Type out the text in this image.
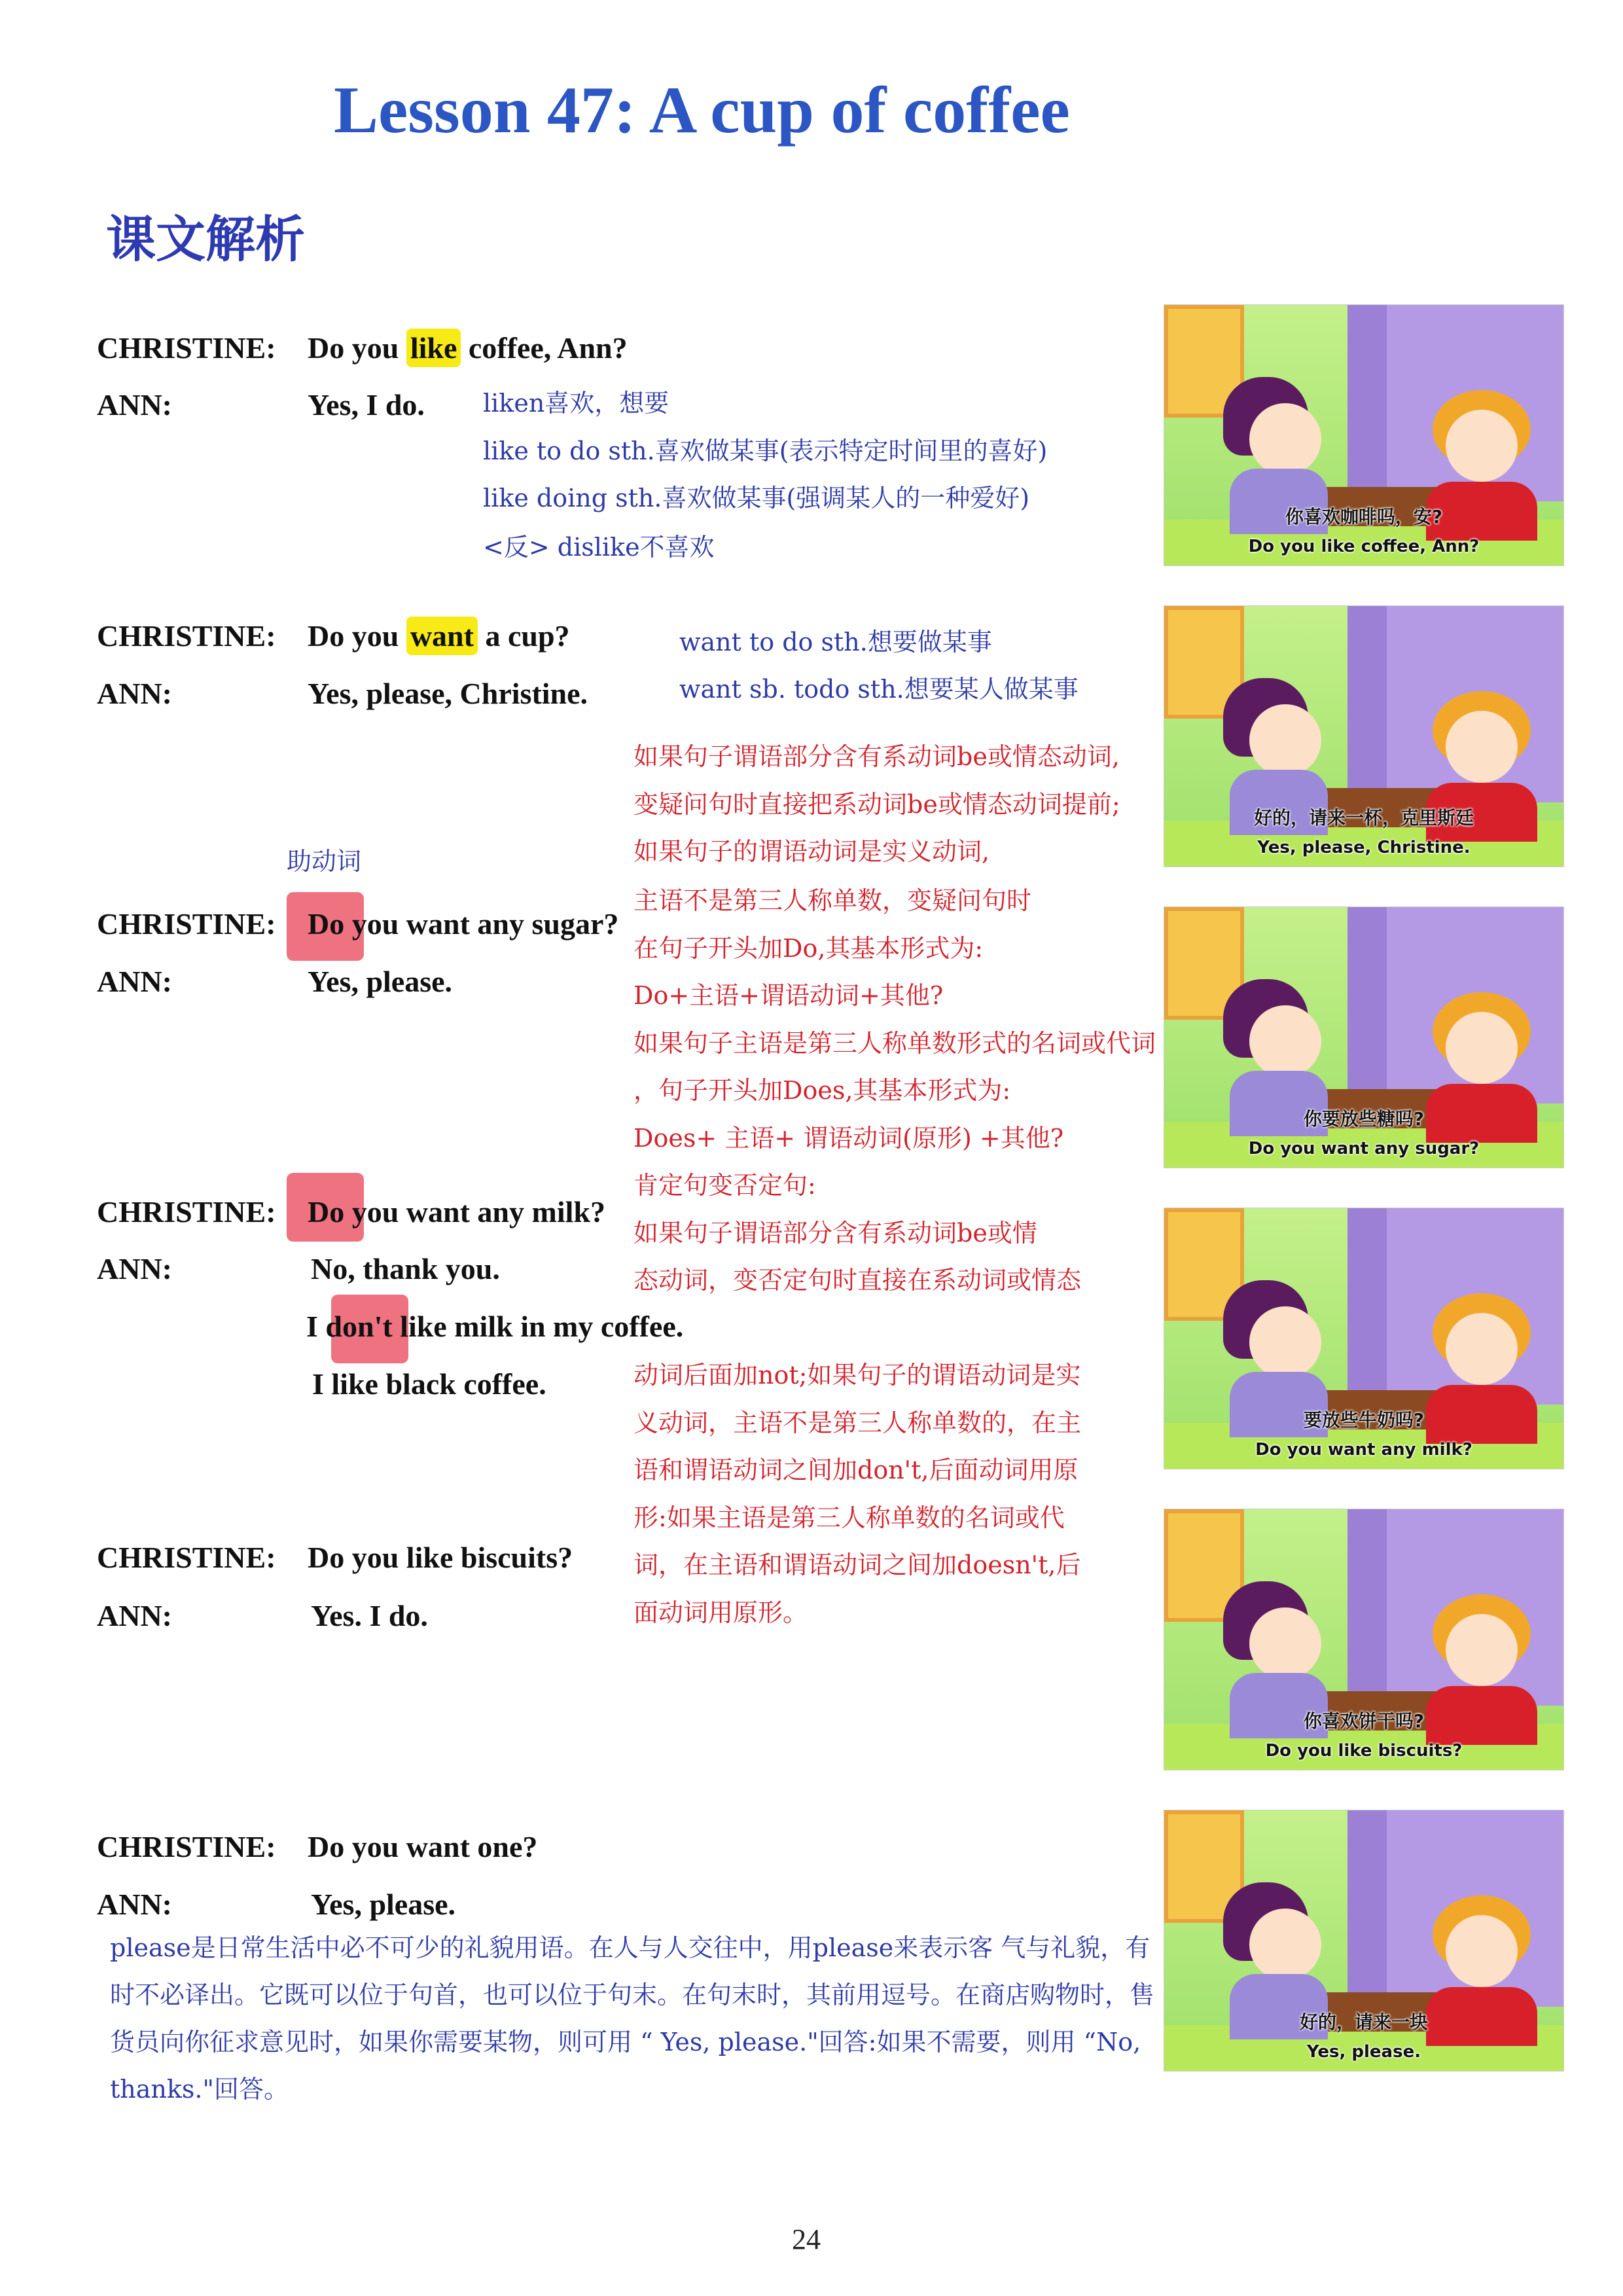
Lesson 47: A cup of coffee
课文解析
CHRISTINE: Do you like coffee, Ann?
ANN:	Yes, I do. liken喜欢，想要
like to do sth.喜欢做某事(表示特定时间里的喜好)
like doing sth.喜欢做某事(强调某人的一种爱好)
<反> dislike不喜欢
CHRISTINE: Do you want a cup?
ANN:	Yes, please, Christine.
want to do sth.想要做某事
want sb. todo sth.想要某人做某事
助动词
CHRISTINE: Do you want any sugar?
ANN:	Yes, please.
CHRISTINE: Do you want any milk?
ANN:	No, thank you.
I don't like milk in my coffee.
I like black coffee.
CHRISTINE: Do you like biscuits?
ANN:	Yes. I do.
CHRISTINE: Do you want one?
ANN:	Yes, please.
如果句子谓语部分含有系动词be或情态动词,
变疑问句时直接把系动词be或情态动词提前;
如果句子的谓语动词是实义动词,
主语不是第三人称单数，变疑问句时
在句子开头加Do,其基本形式为:
Do+主语+谓语动词+其他?
如果句子主语是第三人称单数形式的名词或代词
，句子开头加Does,其基本形式为:
Does+ 主语+ 谓语动词(原形) +其他?
肯定句变否定句:
如果句子谓语部分含有系动词be或情
态动词，变否定句时直接在系动词或情态
动词后面加not;如果句子的谓语动词是实
义动词，主语不是第三人称单数的，在主
语和谓语动词之间加don't,后面动词用原
形:如果主语是第三人称单数的名词或代
词，在主语和谓语动词之间加doesn't,后
面动词用原形。
please是日常生活中必不可少的礼貌用语。在人与人交往中，用please来表示客 气与礼貌，有时不必译出。它既可以位于句首，也可以位于句末。在句末时，其前用逗号。在商店购物时，售货员向你征求意见时，如果你需要某物，则可用 “ Yes, please."回答:如果不需要，则用 “No, thanks."回答。
你喜欢咖啡吗，安?
Do you like coffee, Ann?
好的，请来一杯，克里斯廷
Yes, please, Christine.
你要放些糖吗?
Do you want any sugar?
要放些牛奶吗?
Do you want any milk?
你喜欢饼干吗?
Do you like biscuits?
好的，请来一块
Yes, please.
24
